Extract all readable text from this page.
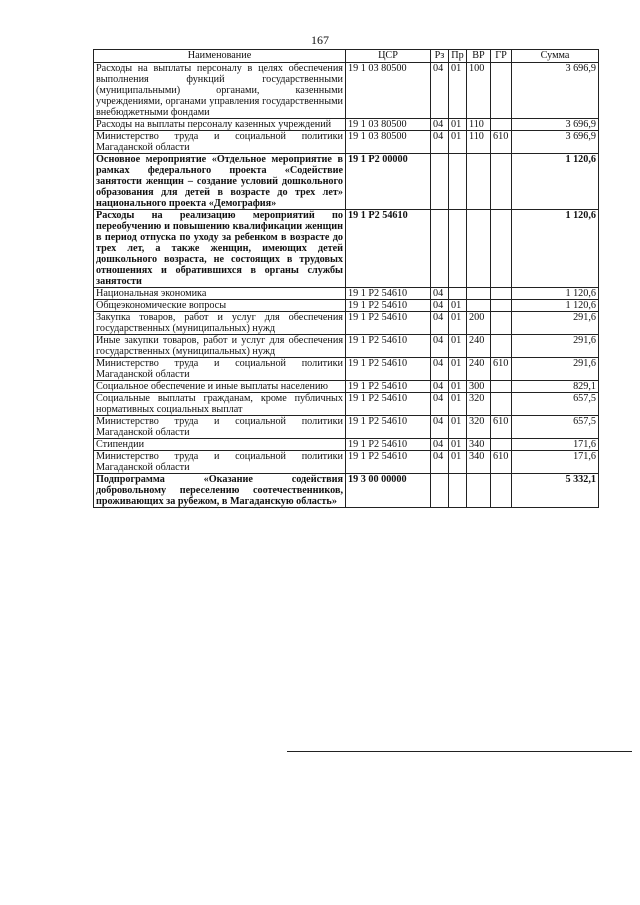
167
Наименование	ЦСР	Рз	Пр	ВР	ГР	Сумма
Расходы на выплаты персоналу в целях обеспечения выполнения функций государственными (муниципальными) органами, казенными учреждениями, органами управления государственными внебюджетными фондами	19 1 03 80500	04	01	100		3 696,9
Расходы на выплаты персоналу казенных учреждений	19 1 03 80500	04	01	110		3 696,9
Министерство труда и социальной политики Магаданской области	19 1 03 80500	04	01	110	610	3 696,9
Основное мероприятие «Отдельное мероприятие в рамках федерального проекта «Содействие занятости женщин – создание условий дошкольного образования для детей в возрасте до трех лет» национального проекта «Демография»	19 1 P2 00000					1 120,6
Расходы на реализацию мероприятий по переобучению и повышению квалификации женщин в период отпуска по уходу за ребенком в возрасте до трех лет, а также женщин, имеющих детей дошкольного возраста, не состоящих в трудовых отношениях и обратившихся в органы службы занятости	19 1 P2 54610					1 120,6
Национальная экономика	19 1 P2 54610	04				1 120,6
Общеэкономические вопросы	19 1 P2 54610	04	01			1 120,6
Закупка товаров, работ и услуг для обеспечения государственных (муниципальных) нужд	19 1 P2 54610	04	01	200		291,6
Иные закупки товаров, работ и услуг для обеспечения государственных (муниципальных) нужд	19 1 P2 54610	04	01	240		291,6
Министерство труда и социальной политики Магаданской области	19 1 P2 54610	04	01	240	610	291,6
Социальное обеспечение и иные выплаты населению	19 1 P2 54610	04	01	300		829,1
Социальные выплаты гражданам, кроме публичных нормативных социальных выплат	19 1 P2 54610	04	01	320		657,5
Министерство труда и социальной политики Магаданской области	19 1 P2 54610	04	01	320	610	657,5
Стипендии	19 1 P2 54610	04	01	340		171,6
Министерство труда и социальной политики Магаданской области	19 1 P2 54610	04	01	340	610	171,6
Подпрограмма «Оказание содействия добровольному переселению соотечественников, проживающих за рубежом, в Магаданскую область»	19 3 00 00000					5 332,1
